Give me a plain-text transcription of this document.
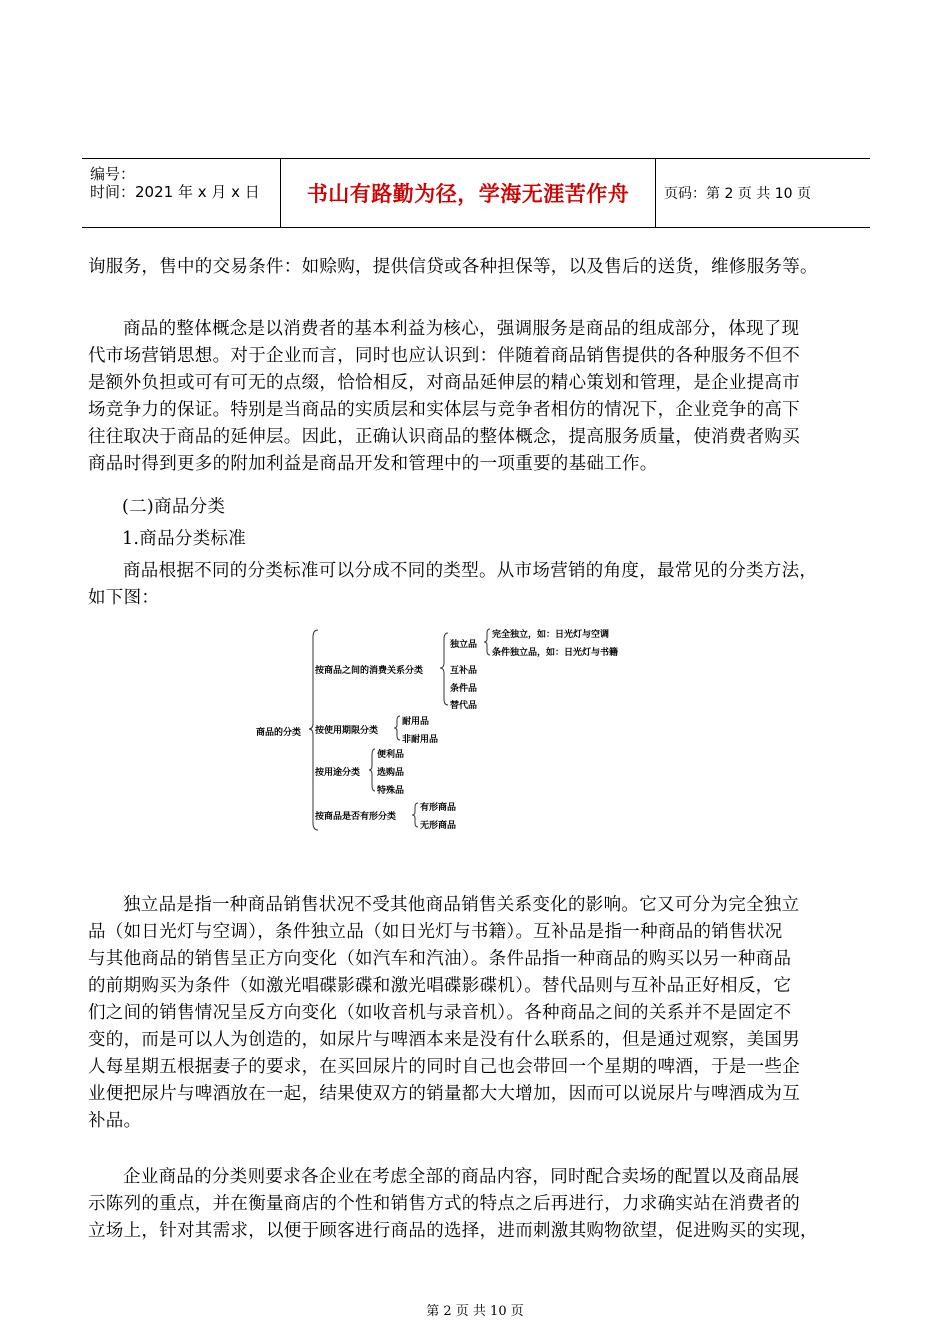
编号：
时间：2021 年 x 月 x 日 书山有路勤为径，学海无涯苦作舟	页码：第 2 页 共 10 页

询服务，售中的交易条件：如赊购，提供信贷或各种担保等，以及售后的送货，维修服务等。

商品的整体概念是以消费者的基本利益为核心，强调服务是商品的组成部分，体现了现

代市场营销思想。对于企业而言，同时也应认识到：伴随着商品销售提供的各种服务不但不

是额外负担或可有可无的点缀，恰恰相反，对商品延伸层的精心策划和管理，是企业提高市

场竞争力的保证。特别是当商品的实质层和实体层与竞争者相仿的情况下，企业竞争的高下

往往取决于商品的延伸层。因此，正确认识商品的整体概念，提高服务质量，使消费者购买

商品时得到更多的附加利益是商品开发和管理中的一项重要的基础工作。

(二)商品分类

1.商品分类标准

商品根据不同的分类标准可以分成不同的类型。从市场营销的角度，最常见的分类方法，

如下图：

商品的分类
按商品之间的消费关系分类
独立品
完全独立，如：日光灯与空调
条件独立品，如：日光灯与书籍
互补品
条件品
替代品
按使用期限分类
耐用品
非耐用品
按用途分类
便利品
选购品
特殊品
按商品是否有形分类
有形商品
无形商品

独立品是指一种商品销售状况不受其他商品销售关系变化的影响。它又可分为完全独立

品（如日光灯与空调），条件独立品（如日光灯与书籍）。互补品是指一种商品的销售状况

与其他商品的销售呈正方向变化（如汽车和汽油）。条件品指一种商品的购买以另一种商品

的前期购买为条件（如激光唱碟影碟和激光唱碟影碟机）。替代品则与互补品正好相反，它

们之间的销售情况呈反方向变化（如收音机与录音机）。各种商品之间的关系并不是固定不

变的，而是可以人为创造的，如尿片与啤酒本来是没有什么联系的，但是通过观察，美国男

人每星期五根据妻子的要求，在买回尿片的同时自己也会带回一个星期的啤酒，于是一些企

业便把尿片与啤酒放在一起，结果使双方的销量都大大增加，因而可以说尿片与啤酒成为互

补品。

企业商品的分类则要求各企业在考虑全部的商品内容，同时配合卖场的配置以及商品展

示陈列的重点，并在衡量商店的个性和销售方式的特点之后再进行，力求确实站在消费者的

立场上，针对其需求，以便于顾客进行商品的选择，进而刺激其购物欲望，促进购买的实现，

第 2 页 共 10 页
